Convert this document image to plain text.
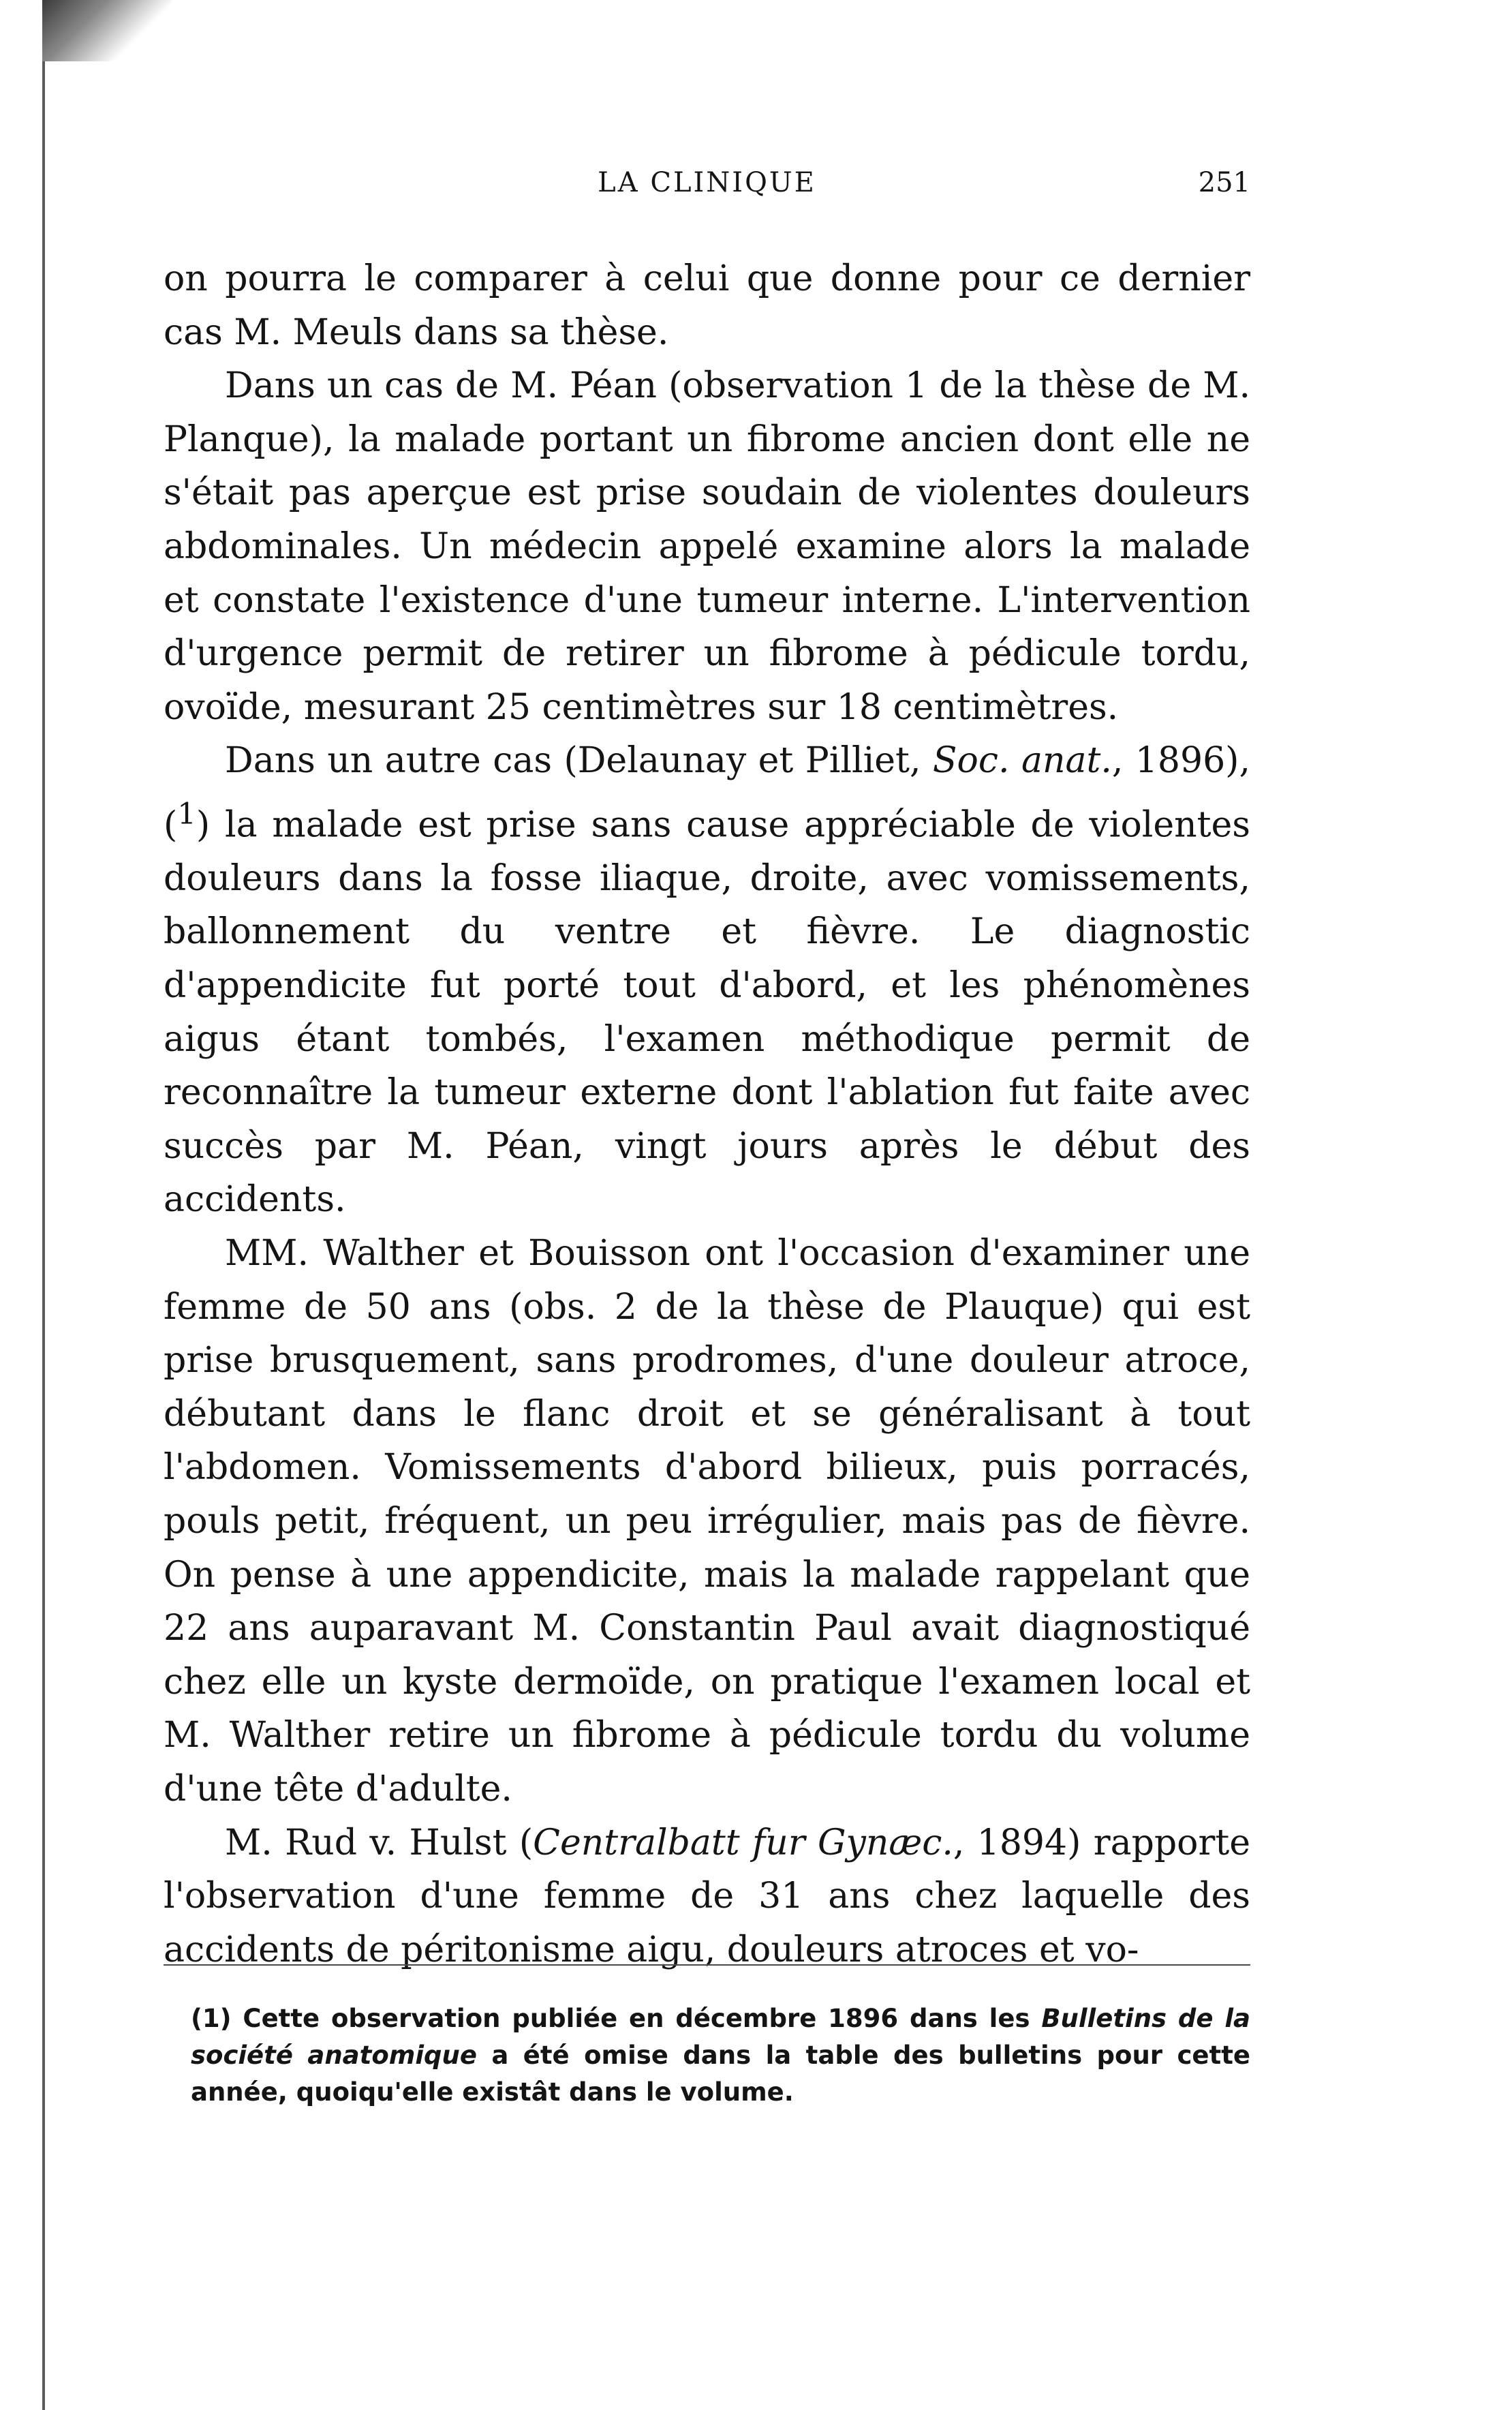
LA CLINIQUE	251

on pourra le comparer à celui que donne pour ce dernier cas M. Meuls dans sa thèse.

Dans un cas de M. Péan (observation 1 de la thèse de M. Planque), la malade portant un fibrome ancien dont elle ne s'était pas aperçue est prise soudain de violentes douleurs abdominales. Un médecin appelé examine alors la malade et constate l'existence d'une tumeur interne. L'intervention d'urgence permit de retirer un fibrome à pédicule tordu, ovoïde, mesurant 25 centimètres sur 18 centimètres.

Dans un autre cas (Delaunay et Pilliet, Soc. anat., 1896), ($^1$) la malade est prise sans cause appréciable de violentes douleurs dans la fosse iliaque, droite, avec vomissements, ballonnement du ventre et fièvre. Le diagnostic d'appendicite fut porté tout d'abord, et les phénomènes aigus étant tombés, l'examen méthodique permit de reconnaître la tumeur externe dont l'ablation fut faite avec succès par M. Péan, vingt jours après le début des accidents.

MM. Walther et Bouisson ont l'occasion d'examiner une femme de 50 ans (obs. 2 de la thèse de Plauque) qui est prise brusquement, sans prodromes, d'une douleur atroce, débutant dans le flanc droit et se généralisant à tout l'abdomen. Vomissements d'abord bilieux, puis porracés, pouls petit, fréquent, un peu irrégulier, mais pas de fièvre. On pense à une appendicite, mais la malade rappelant que 22 ans auparavant M. Constantin Paul avait diagnostiqué chez elle un kyste dermoïde, on pratique l'examen local et M. Walther retire un fibrome à pédicule tordu du volume d'une tête d'adulte.

M. Rud v. Hulst (Centralbatt fur Gynæc., 1894) rapporte l'observation d'une femme de 31 ans chez laquelle des accidents de péritonisme aigu, douleurs atroces et vo-

(1) Cette observation publiée en décembre 1896 dans les Bulletins de la société anatomique a été omise dans la table des bulletins pour cette année, quoiqu'elle existât dans le volume.
